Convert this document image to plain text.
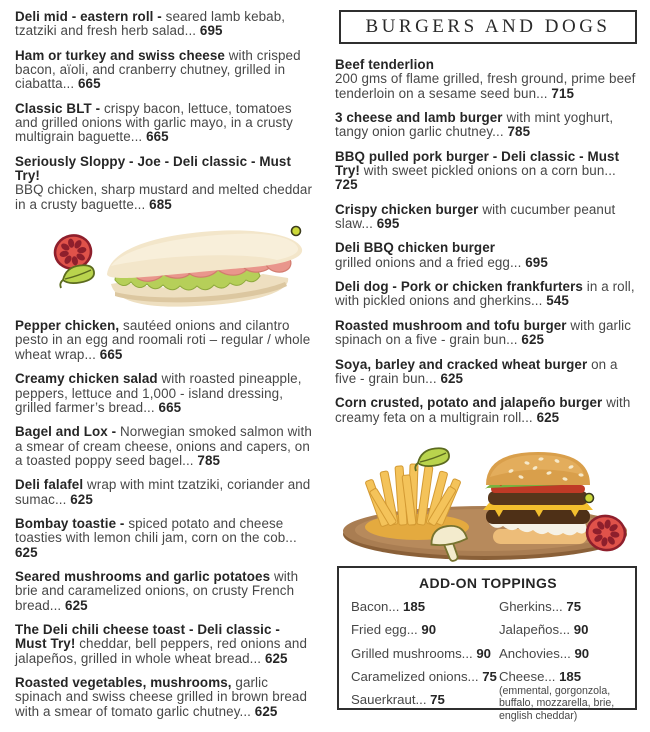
Deli mid - eastern roll - seared lamb kebab, tzatziki and fresh herb salad... 695
Ham or turkey and swiss cheese with crisped bacon, aïoli, and cranberry chutney, grilled in ciabatta... 665
Classic BLT - crispy bacon, lettuce, tomatoes and grilled onions with garlic mayo, in a crusty multigrain baguette... 665
Seriously Sloppy - Joe - Deli classic - Must Try!
BBQ chicken, sharp mustard and melted cheddar in a crusty baguette... 685
Pepper chicken, sautéed onions and cilantro pesto in an egg and roomali roti – regular / whole wheat wrap... 665
Creamy chicken salad with roasted pineapple, peppers, lettuce and 1,000 - island dressing, grilled farmer’s bread... 665
Bagel and Lox - Norwegian smoked salmon with a smear of cream cheese, onions and capers, on a toasted poppy seed bagel... 785
Deli falafel wrap with mint tzatziki, coriander and sumac... 625
Bombay toastie - spiced potato and cheese toasties with lemon chili jam, corn on the cob... 625
Seared mushrooms and garlic potatoes with brie and caramelized onions, on crusty French bread... 625
The Deli chili cheese toast - Deli classic - Must Try! cheddar, bell peppers, red onions and jalapeños, grilled in whole wheat bread... 625
Roasted vegetables, mushrooms, garlic spinach and swiss cheese grilled in brown bread with a smear of tomato garlic chutney... 625
BURGERS AND DOGS
Beef tenderlion
200 gms of flame grilled, fresh ground, prime beef tenderloin on a sesame seed bun... 715
3 cheese and lamb burger with mint yoghurt, tangy onion garlic chutney... 785
BBQ pulled pork burger - Deli classic - Must Try! with sweet pickled onions on a corn bun... 725
Crispy chicken burger with cucumber peanut slaw... 695
Deli BBQ chicken burger
grilled onions and a fried egg... 695
Deli dog - Pork or chicken frankfurters in a roll, with pickled onions and gherkins... 545
Roasted mushroom and tofu burger with garlic spinach on a five - grain bun... 625
Soya, barley and cracked wheat burger on a five - grain bun... 625
Corn crusted, potato and jalapeño burger with creamy feta on a multigrain roll... 625
ADD-ON TOPPINGS
Bacon... 185
Fried egg... 90
Grilled mushrooms... 90
Caramelized onions... 75
Sauerkraut... 75
Gherkins... 75
Jalapeños... 90
Anchovies... 90
Cheese... 185
(emmental, gorgonzola, buffalo, mozzarella, brie, english cheddar)
